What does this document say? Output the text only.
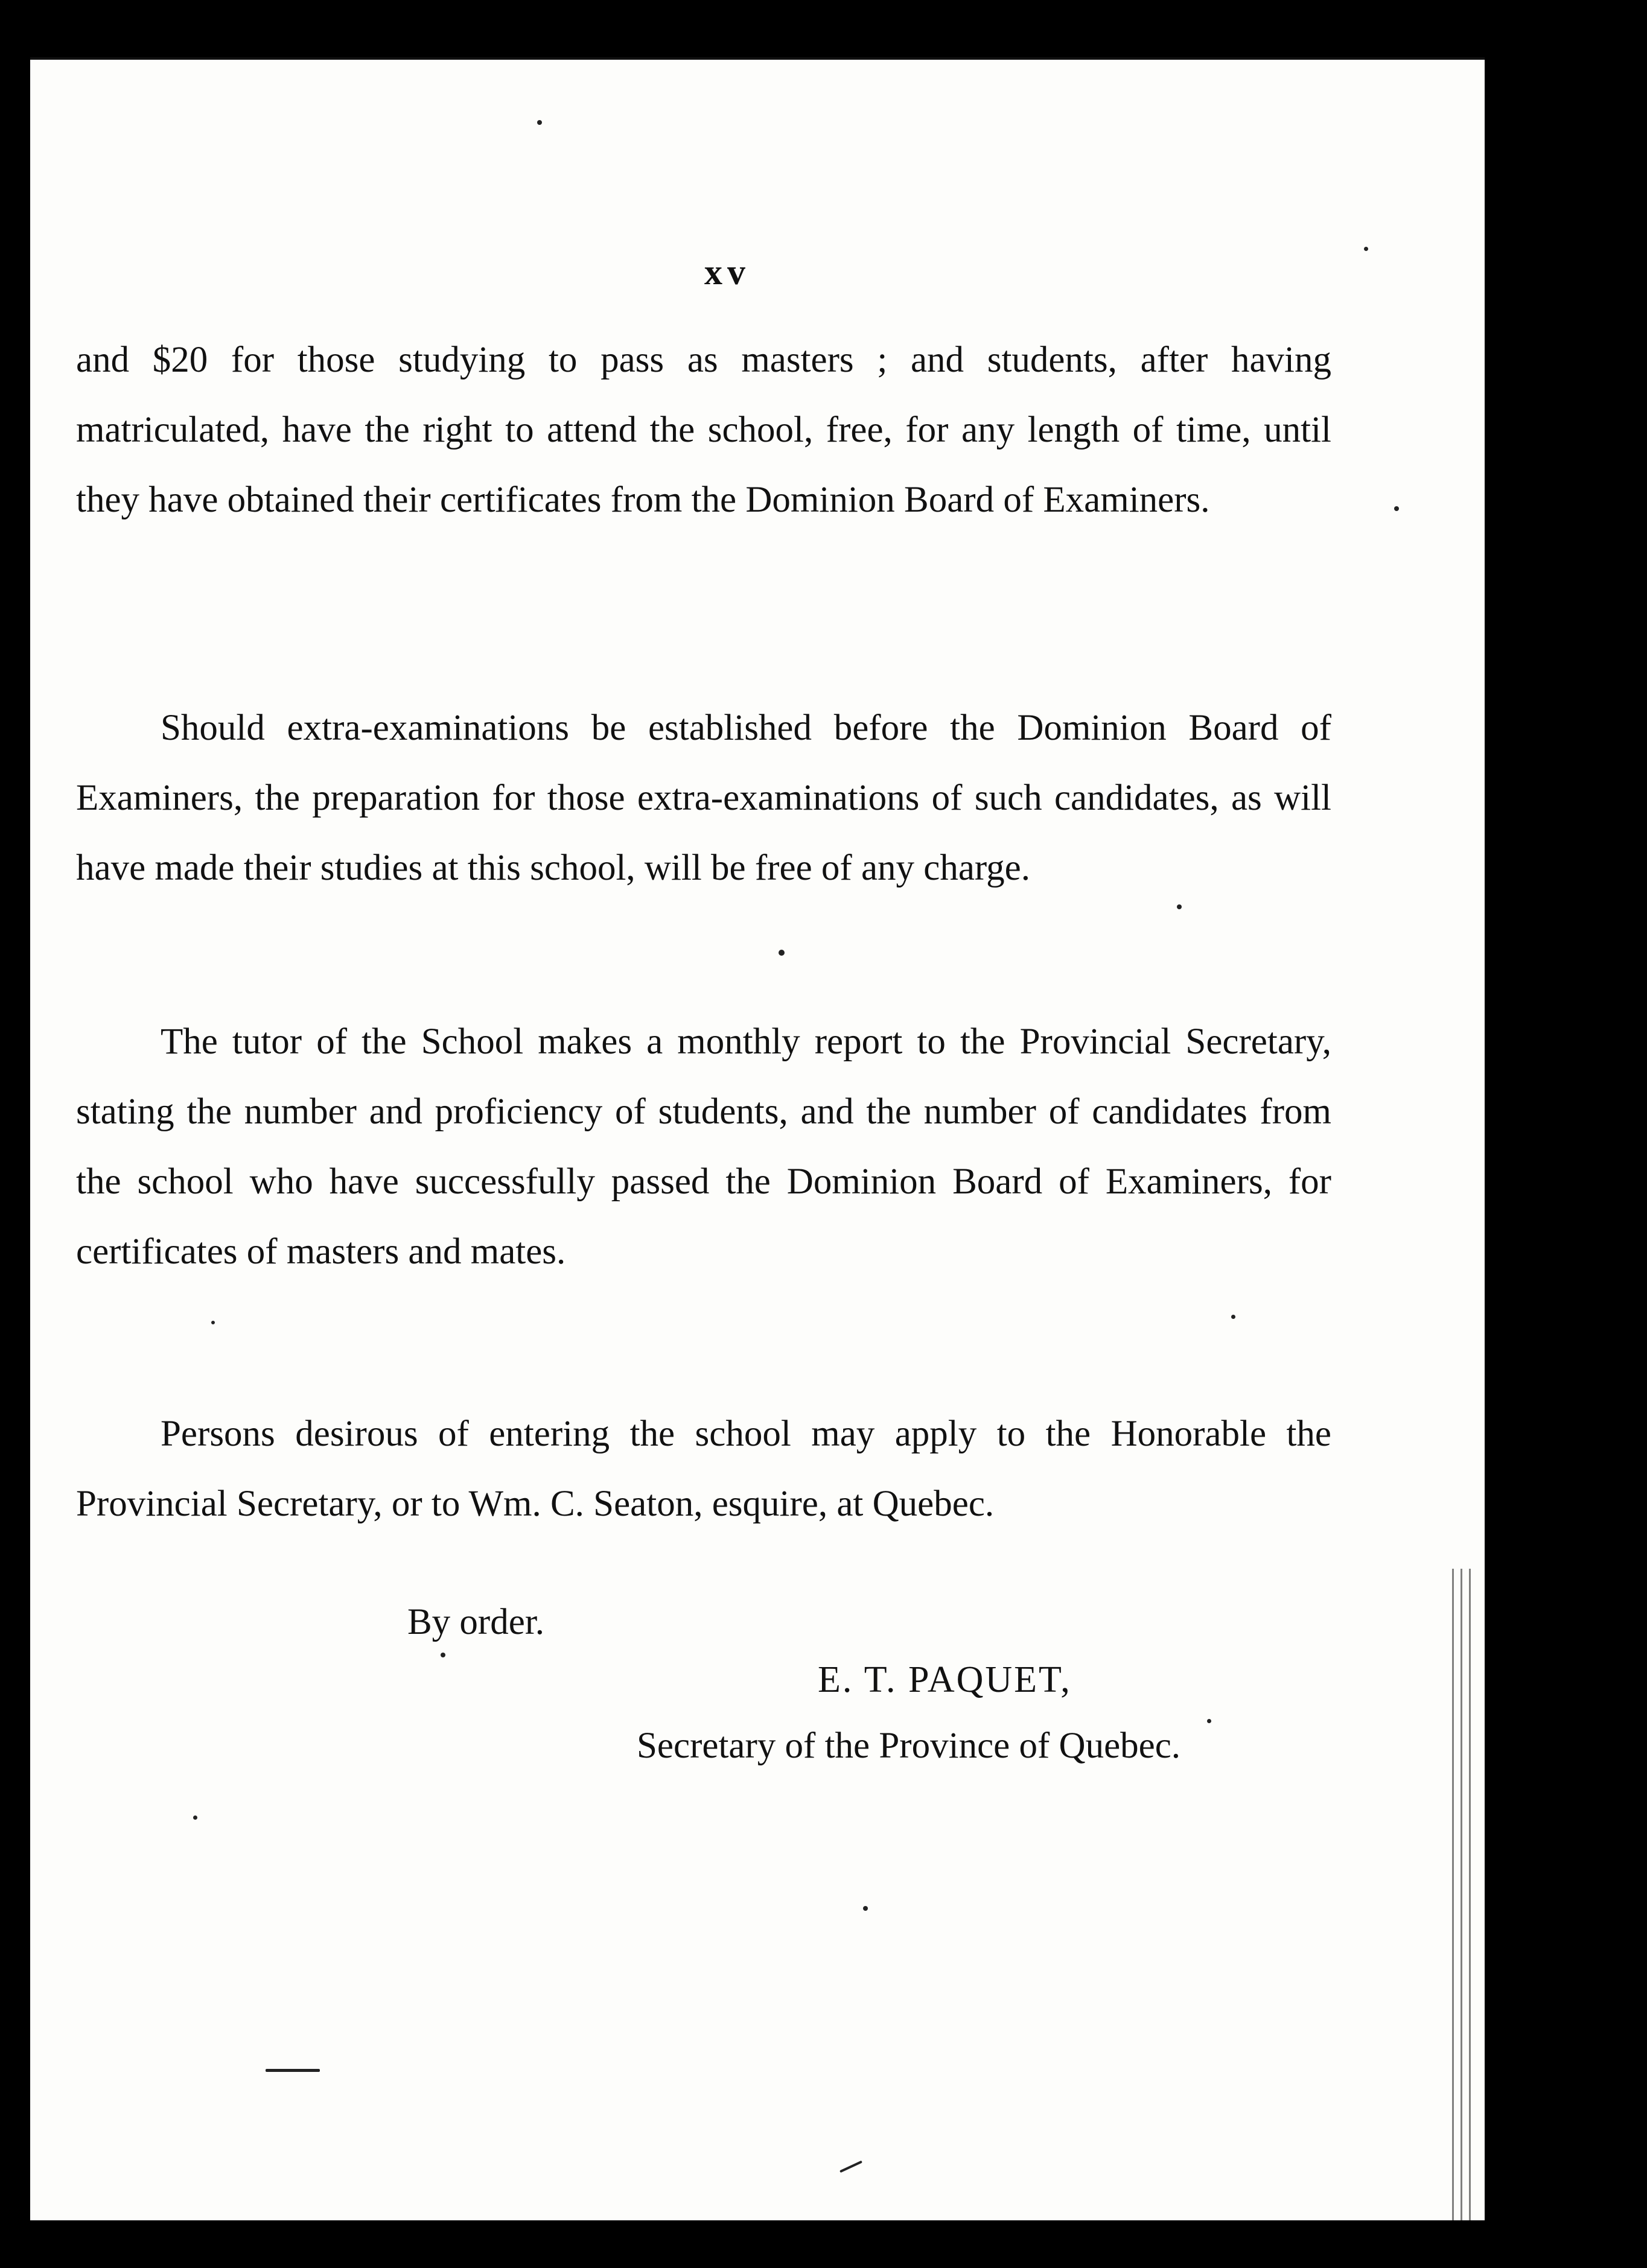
xv

and $20 for those studying to pass as masters ; and students, after having matriculated, have the right to attend the school, free, for any length of time, until they have obtained their certificates from the Dominion Board of Examiners.

Should extra-examinations be established before the Dominion Board of Examiners, the preparation for those extra-examinations of such candidates, as will have made their studies at this school, will be free of any charge.

The tutor of the School makes a monthly report to the Provincial Secretary, stating the number and proficiency of students, and the number of candidates from the school who have successfully passed the Dominion Board of Examiners, for certificates of masters and mates.

Persons desirous of entering the school may apply to the Honorable the Provincial Secretary, or to Wm. C. Seaton, esquire, at Quebec.

By order.

E. T. PAQUET,

Secretary of the Province of Quebec.
